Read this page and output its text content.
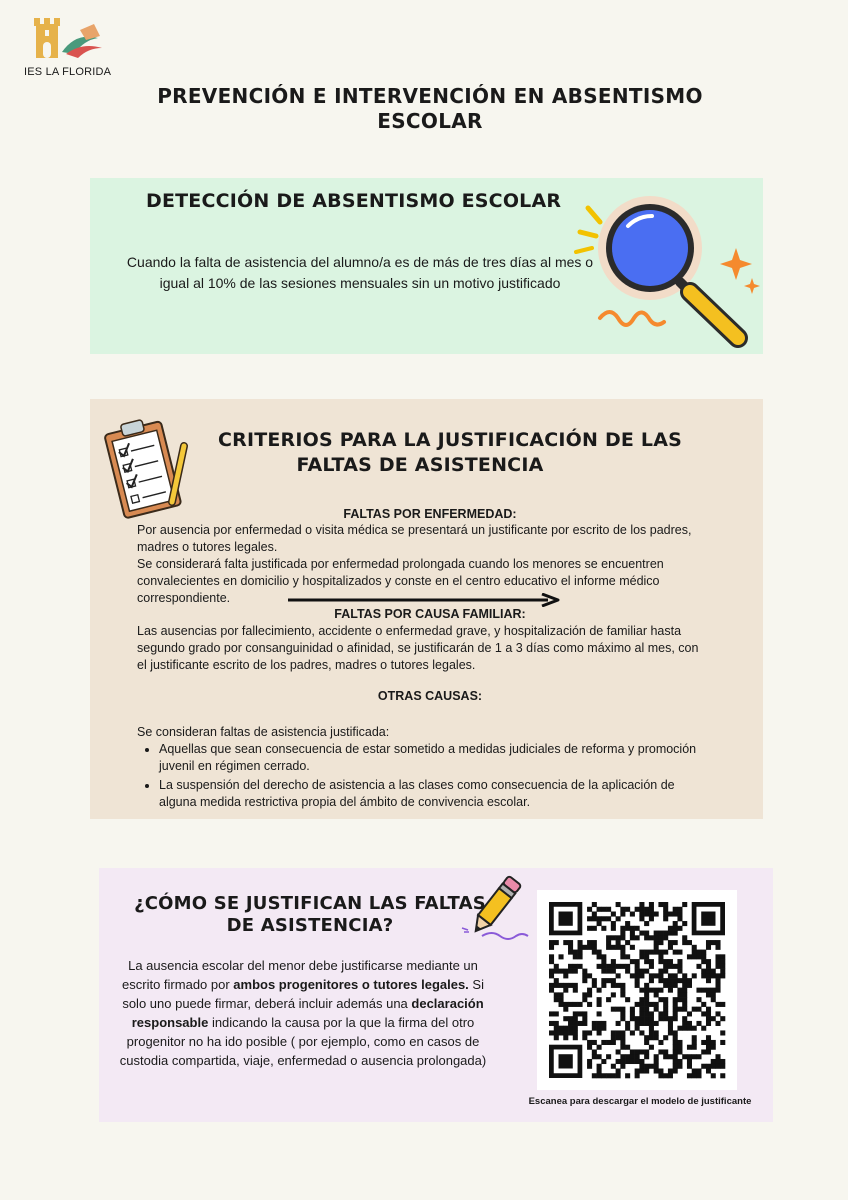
IES LA FLORIDA
PREVENCIÓN E INTERVENCIÓN EN ABSENTISMO
ESCOLAR
DETECCIÓN DE ABSENTISMO ESCOLAR
Cuando la falta de asistencia del alumno/a es de más de tres días al mes o
igual al 10% de las sesiones mensuales sin un motivo justificado
CRITERIOS PARA LA JUSTIFICACIÓN DE LAS
FALTAS DE ASISTENCIA
FALTAS POR ENFERMEDAD:
Por ausencia por enfermedad o visita médica se presentará un justificante por escrito de los padres,
madres o tutores legales.
Se considerará falta justificada por enfermedad prolongada cuando los menores se encuentren
convalecientes en domicilio y hospitalizados y conste en el centro educativo el informe médico
correspondiente.
FALTAS POR CAUSA FAMILIAR:
Las ausencias por fallecimiento, accidente o enfermedad grave, y hospitalización de familiar hasta
segundo grado por consanguinidad o afinidad, se justificarán de 1 a 3 días como máximo al mes, con
el justificante escrito de los padres, madres o tutores legales.
OTRAS CAUSAS:
Se consideran faltas de asistencia justificada:
• Aquellas que sean consecuencia de estar sometido a medidas judiciales de reforma y promoción juvenil en régimen cerrado.
• La suspensión del derecho de asistencia a las clases como consecuencia de la aplicación de alguna medida restrictiva propia del ámbito de convivencia escolar.
¿CÓMO SE JUSTIFICAN LAS FALTAS
DE ASISTENCIA?
La ausencia escolar del menor debe justificarse mediante un escrito firmado por ambos progenitores o tutores legales. Si solo uno puede firmar, deberá incluir además una declaración responsable indicando la causa por la que la firma del otro progenitor no ha ido posible ( por ejemplo, como en casos de custodia compartida, viaje, enfermedad o ausencia prolongada)
Escanea para descargar el modelo de justificante
